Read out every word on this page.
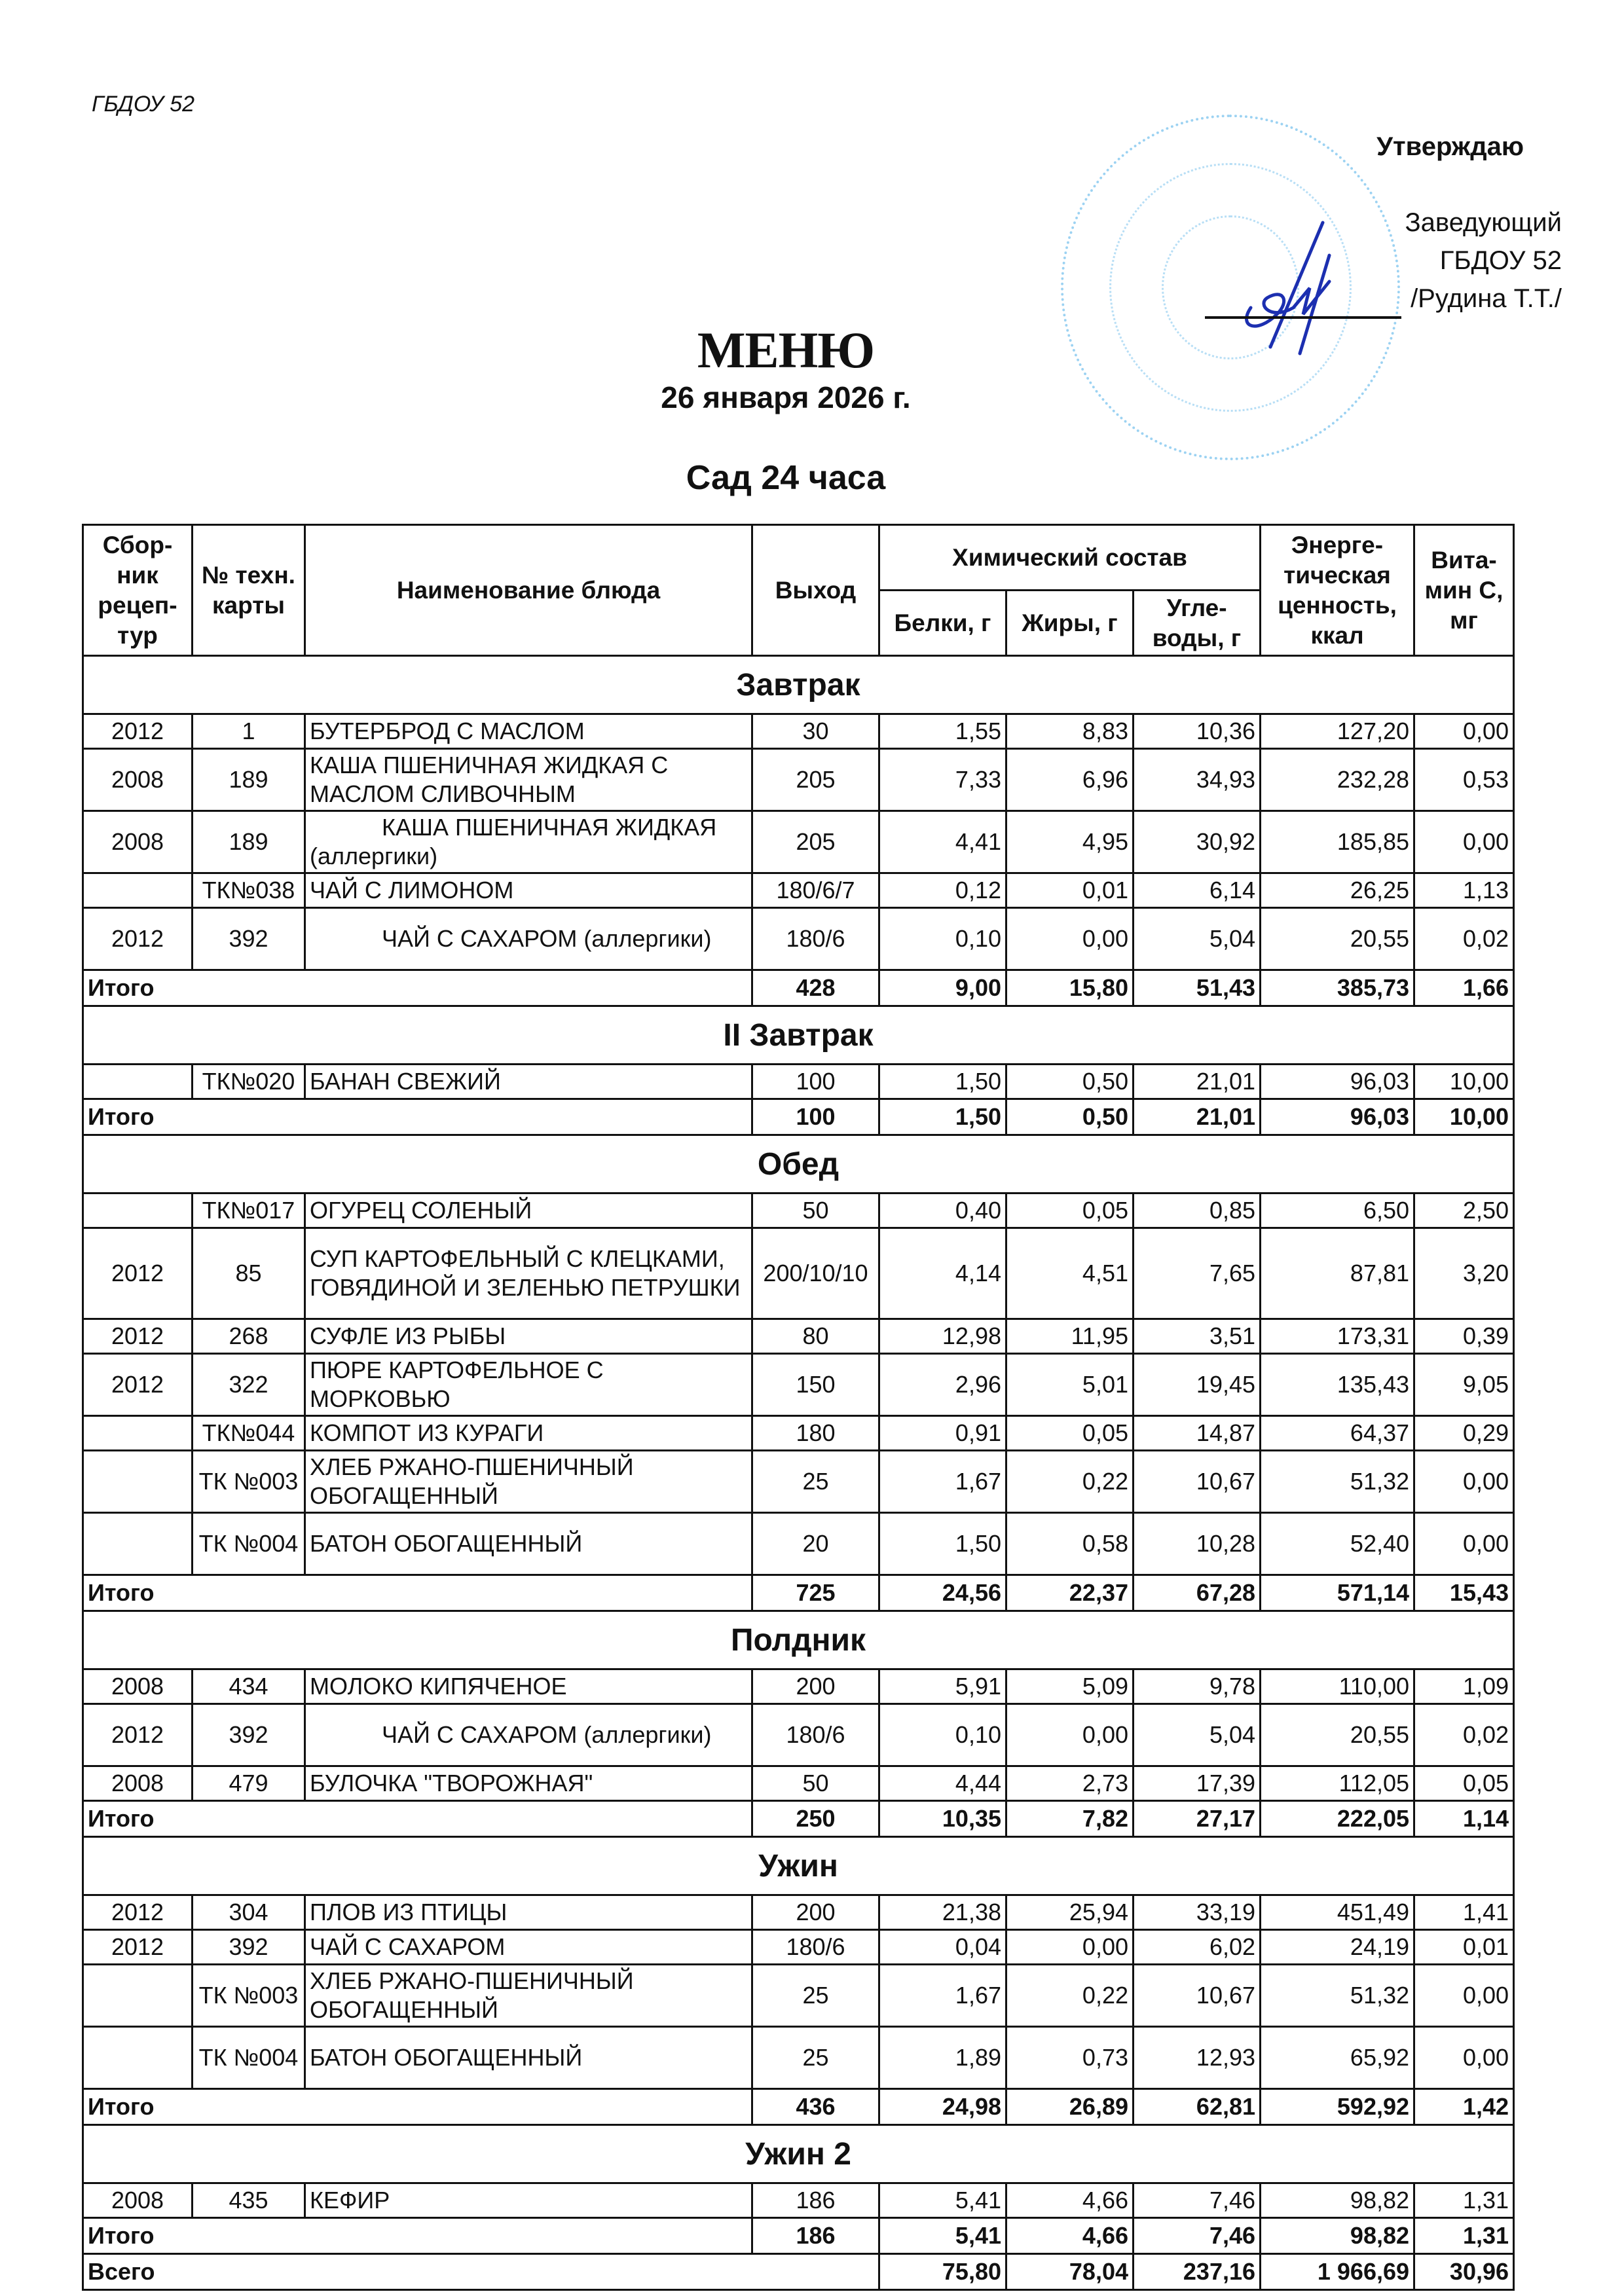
ГБДОУ 52
Утверждаю
Заведующий
ГБДОУ 52
/Рудина Т.Т./
МЕНЮ
26 января 2026 г.
Сад 24 часа
Сбор-ник рецеп-тур	№ техн. карты	Наименование блюда	Выход	Химический состав			Энерге-тическая ценность, ккал	Вита-мин С, мг
				Белки, г	Жиры, г	Угле-воды, г		
Завтрак								
2012	1	БУТЕРБРОД С МАСЛОМ	30	1,55	8,83	10,36	127,20	0,00
2008	189	КАША ПШЕНИЧНАЯ ЖИДКАЯ С МАСЛОМ СЛИВОЧНЫМ	205	7,33	6,96	34,93	232,28	0,53
2008	189	КАША ПШЕНИЧНАЯ ЖИДКАЯ (аллергики)	205	4,41	4,95	30,92	185,85	0,00
	ТК№038	ЧАЙ С ЛИМОНОМ	180/6/7	0,12	0,01	6,14	26,25	1,13
2012	392	ЧАЙ С САХАРОМ (аллергики)	180/6	0,10	0,00	5,04	20,55	0,02
Итого			428	9,00	15,80	51,43	385,73	1,66
II Завтрак								
	ТК№020	БАНАН СВЕЖИЙ	100	1,50	0,50	21,01	96,03	10,00
Итого			100	1,50	0,50	21,01	96,03	10,00
Обед								
	ТК№017	ОГУРЕЦ СОЛЕНЫЙ	50	0,40	0,05	0,85	6,50	2,50
2012	85	СУП КАРТОФЕЛЬНЫЙ С КЛЕЦКАМИ, ГОВЯДИНОЙ И ЗЕЛЕНЬЮ ПЕТРУШКИ	200/10/10	4,14	4,51	7,65	87,81	3,20
2012	268	СУФЛЕ ИЗ РЫБЫ	80	12,98	11,95	3,51	173,31	0,39
2012	322	ПЮРЕ КАРТОФЕЛЬНОЕ С МОРКОВЬЮ	150	2,96	5,01	19,45	135,43	9,05
	ТК№044	КОМПОТ ИЗ КУРАГИ	180	0,91	0,05	14,87	64,37	0,29
	ТК №003	ХЛЕБ РЖАНО-ПШЕНИЧНЫЙ ОБОГАЩЕННЫЙ	25	1,67	0,22	10,67	51,32	0,00
	ТК №004	БАТОН ОБОГАЩЕННЫЙ	20	1,50	0,58	10,28	52,40	0,00
Итого			725	24,56	22,37	67,28	571,14	15,43
Полдник								
2008	434	МОЛОКО КИПЯЧЕНОЕ	200	5,91	5,09	9,78	110,00	1,09
2012	392	ЧАЙ С САХАРОМ (аллергики)	180/6	0,10	0,00	5,04	20,55	0,02
2008	479	БУЛОЧКА "ТВОРОЖНАЯ"	50	4,44	2,73	17,39	112,05	0,05
Итого			250	10,35	7,82	27,17	222,05	1,14
Ужин								
2012	304	ПЛОВ ИЗ ПТИЦЫ	200	21,38	25,94	33,19	451,49	1,41
2012	392	ЧАЙ С САХАРОМ	180/6	0,04	0,00	6,02	24,19	0,01
	ТК №003	ХЛЕБ РЖАНО-ПШЕНИЧНЫЙ ОБОГАЩЕННЫЙ	25	1,67	0,22	10,67	51,32	0,00
	ТК №004	БАТОН ОБОГАЩЕННЫЙ	25	1,89	0,73	12,93	65,92	0,00
Итого			436	24,98	26,89	62,81	592,92	1,42
Ужин 2								
2008	435	КЕФИР	186	5,41	4,66	7,46	98,82	1,31
Итого			186	5,41	4,66	7,46	98,82	1,31
Всего				75,80	78,04	237,16	1 966,69	30,96
